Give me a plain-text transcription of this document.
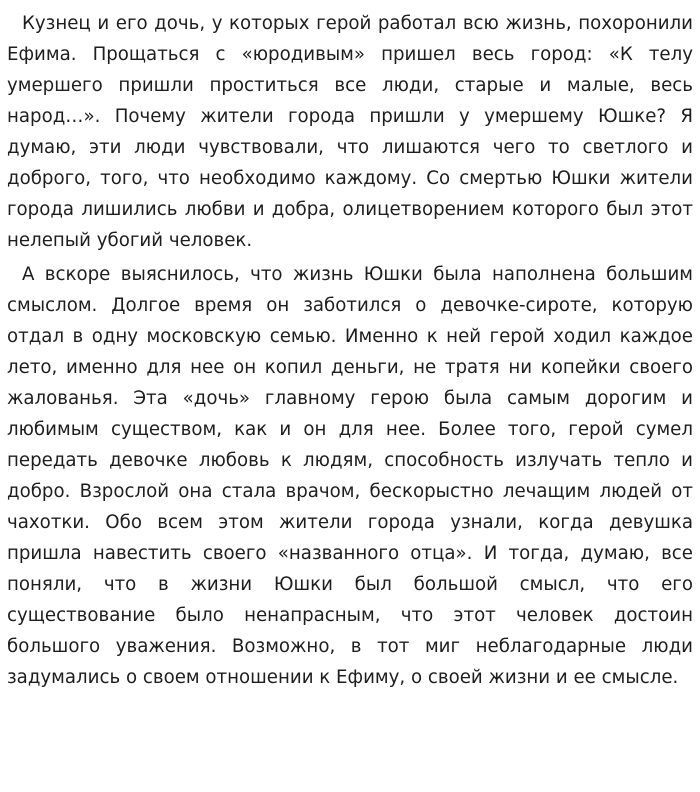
Кузнец и его дочь, у которых герой работал всю жизнь, похоронили Ефима. Прощаться с «юродивым» пришел весь город: «К телу умершего пришли проститься все люди, старые и малые, весь народ…». Почему жители города пришли у умершему Юшке? Я думаю, эти люди чувствовали, что лишаются чего то светлого и доброго, того, что необходимо каждому. Со смертью Юшки жители города лишились любви и добра, олицетворением которого был этот нелепый убогий человек.

А вскоре выяснилось, что жизнь Юшки была наполнена большим смыслом. Долгое время он заботился о девочке-сироте, которую отдал в одну московскую семью. Именно к ней герой ходил каждое лето, именно для нее он копил деньги, не тратя ни копейки своего жалованья. Эта «дочь» главному герою была самым дорогим и любимым существом, как и он для нее. Более того, герой сумел передать девочке любовь к людям, способность излучать тепло и добро. Взрослой она стала врачом, бескорыстно лечащим людей от чахотки. Обо всем этом жители города узнали, когда девушка пришла навестить своего «названного отца». И тогда, думаю, все поняли, что в жизни Юшки был большой смысл, что его существование было ненапрасным, что этот человек достоин большого уважения. Возможно, в тот миг неблагодарные люди задумались о своем отношении к Ефиму, о своей жизни и ее смысле.
